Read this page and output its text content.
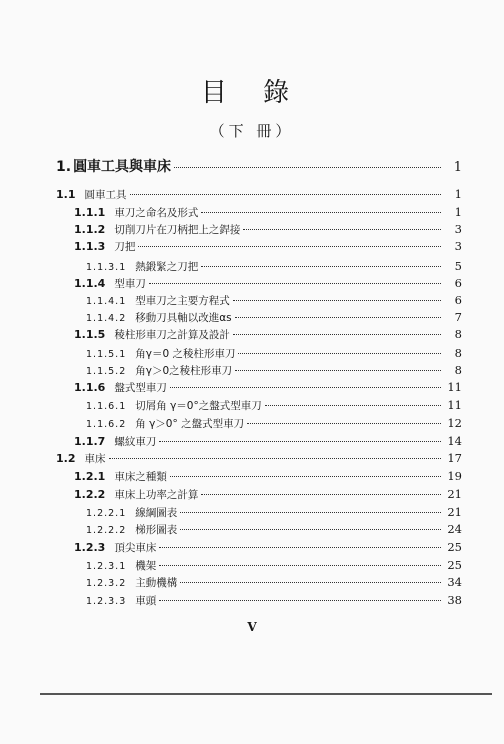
目 錄
（下 冊）
1. 圓車工具與車床	1
1.1 圓車工具	1
1.1.1 車刀之命名及形式	1
1.1.2 切削刀片在刀柄把上之銲接	3
1.1.3 刀把	3
1.1.3.1 熱鍛緊之刀把	5
1.1.4 型車刀	6
1.1.4.1 型車刀之主要方程式	6
1.1.4.2 移動刀具軸以改進αs	7
1.1.5 稜柱形車刀之計算及設計	8
1.1.5.1 角γ＝0 之稜柱形車刀	8
1.1.5.2 角γ＞0之稜柱形車刀	8
1.1.6 盤式型車刀	11
1.1.6.1 切屑角 γ＝0°之盤式型車刀	11
1.1.6.2 角 γ＞0° 之盤式型車刀	12
1.1.7 螺紋車刀	14
1.2 車床	17
1.2.1 車床之種類	19
1.2.2 車床上功率之計算	21
1.2.2.1 線綱圖表	21
1.2.2.2 梯形圖表	24
1.2.3 頂尖車床	25
1.2.3.1 機架	25
1.2.3.2 主動機構	34
1.2.3.3 車頭	38
V
